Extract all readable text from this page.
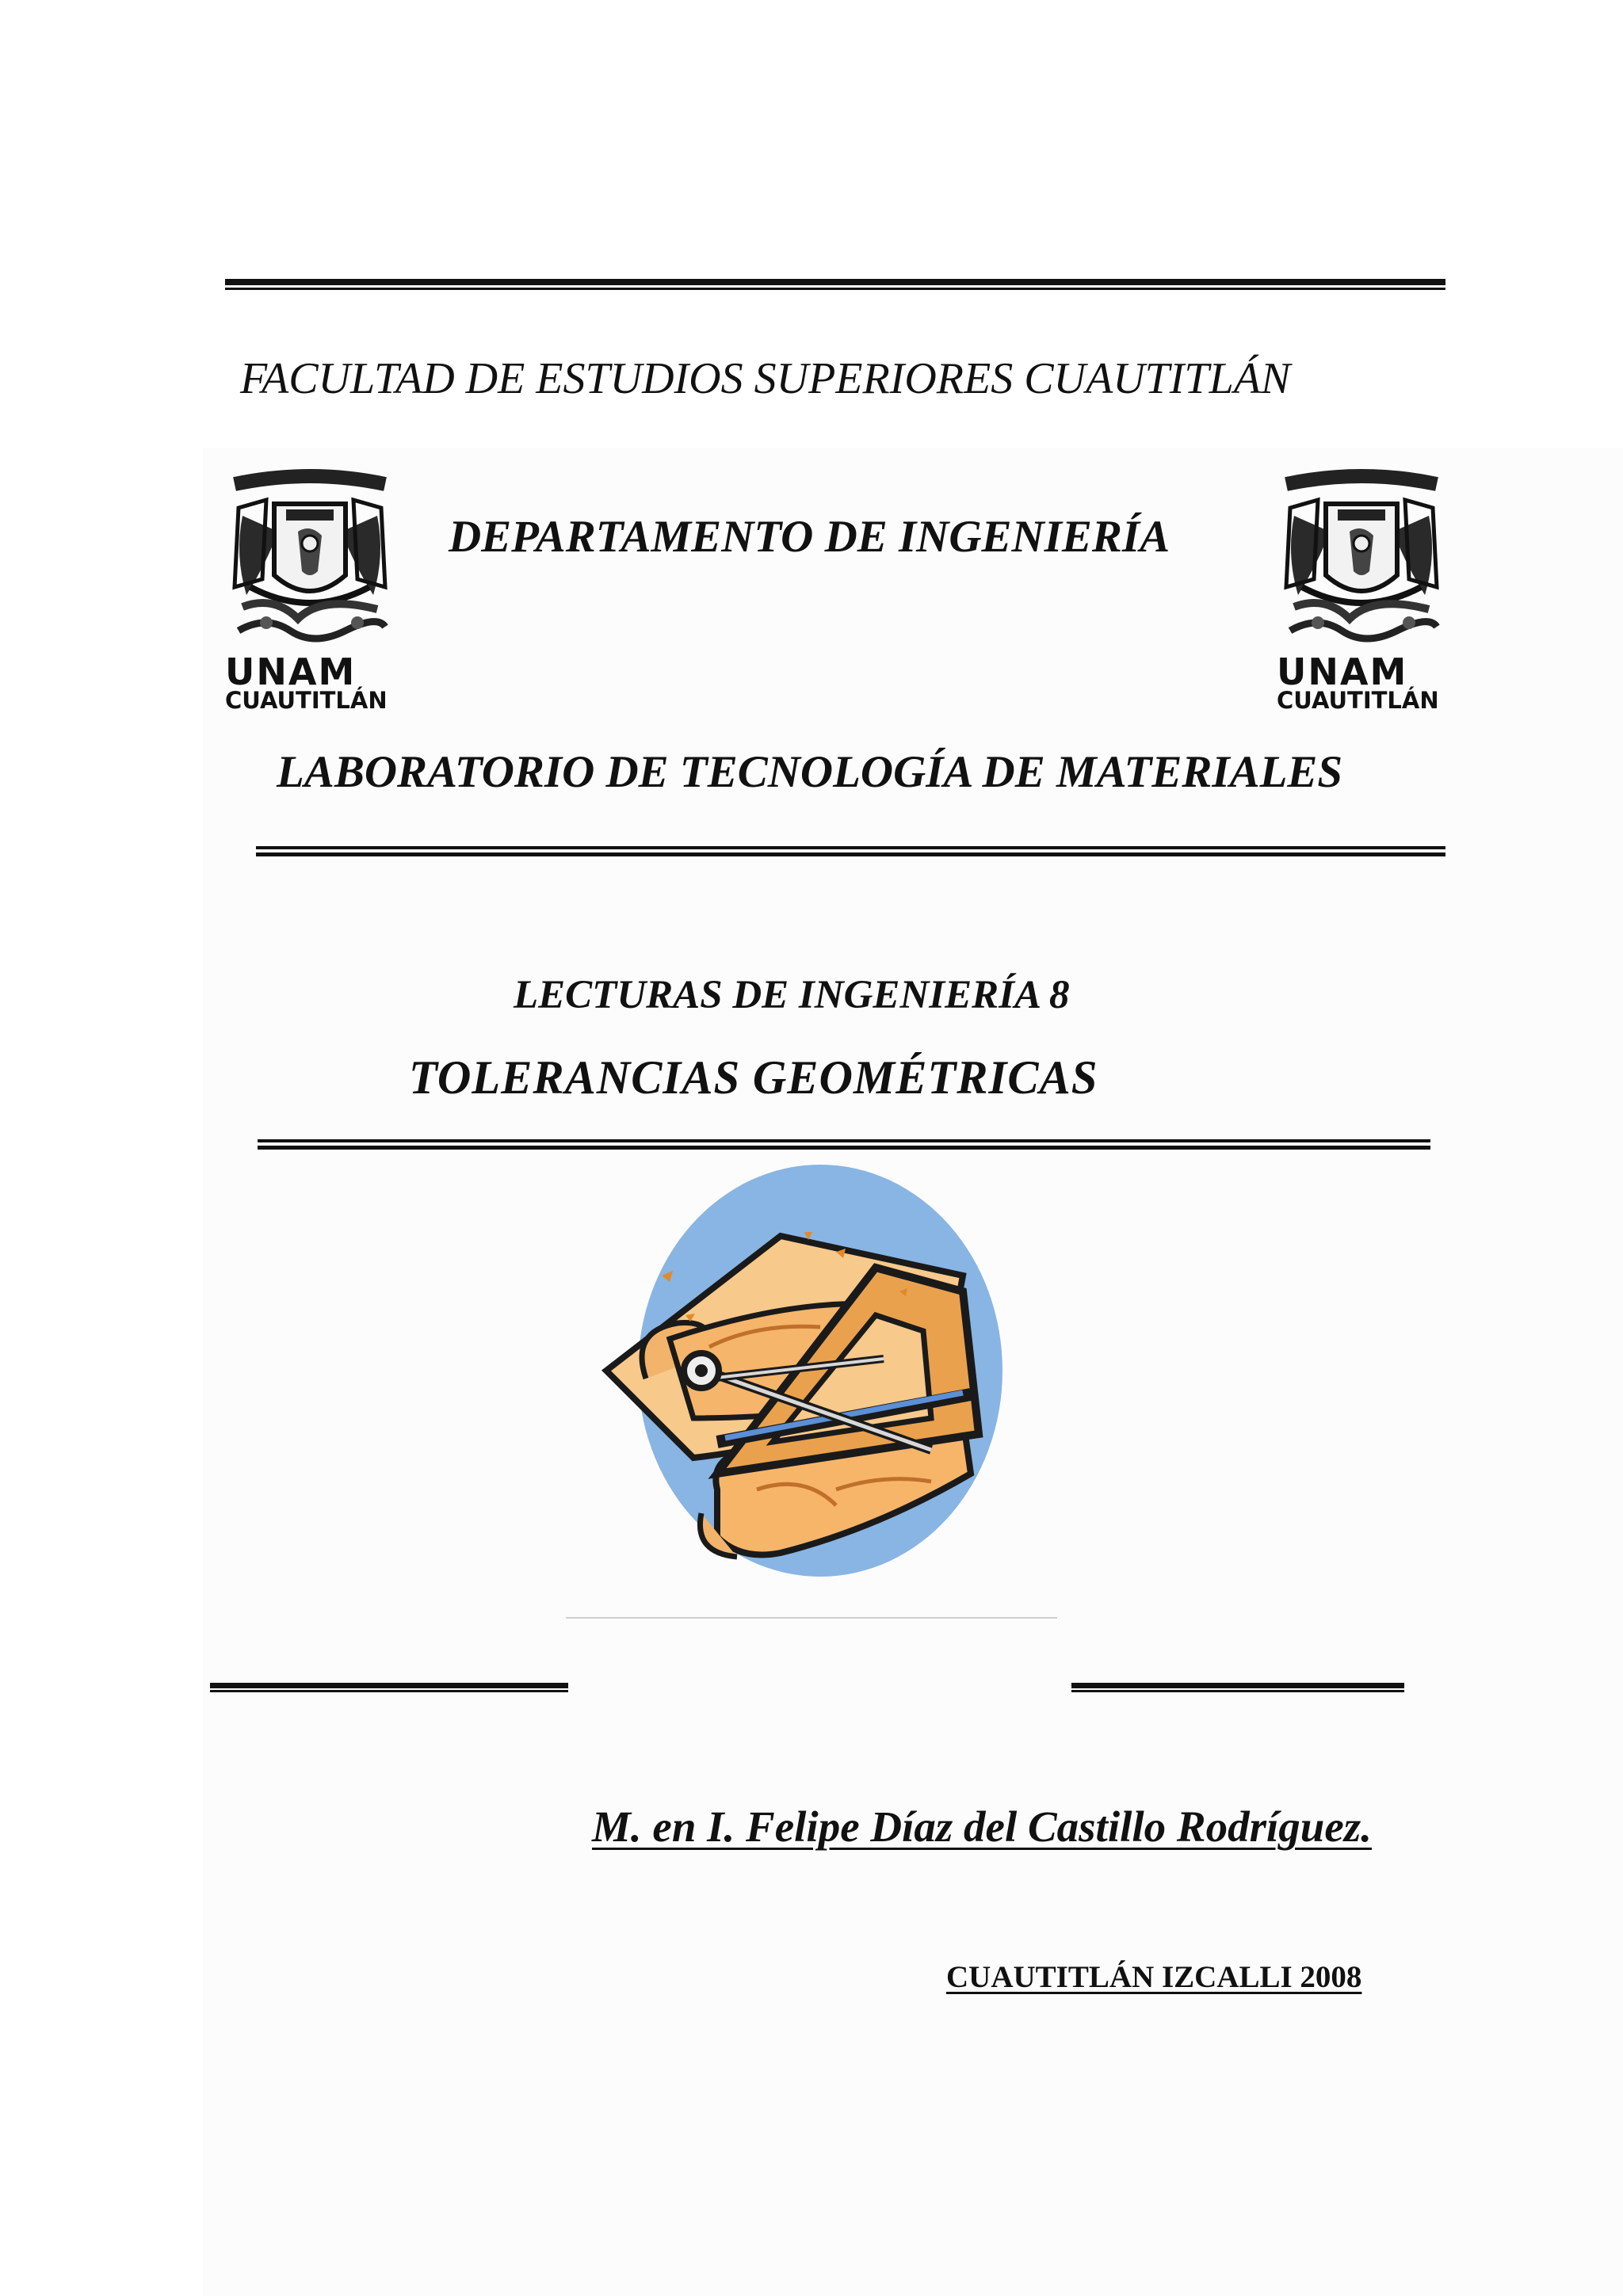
FACULTAD DE ESTUDIOS SUPERIORES CUAUTITLÁN
UNAM
CUAUTITLÁN
DEPARTAMENTO DE INGENIERÍA
UNAM
CUAUTITLÁN
LABORATORIO DE TECNOLOGÍA DE MATERIALES
LECTURAS DE INGENIERÍA 8
TOLERANCIAS GEOMÉTRICAS
M. en I. Felipe Díaz del Castillo Rodríguez.
CUAUTITLÁN IZCALLI 2008
